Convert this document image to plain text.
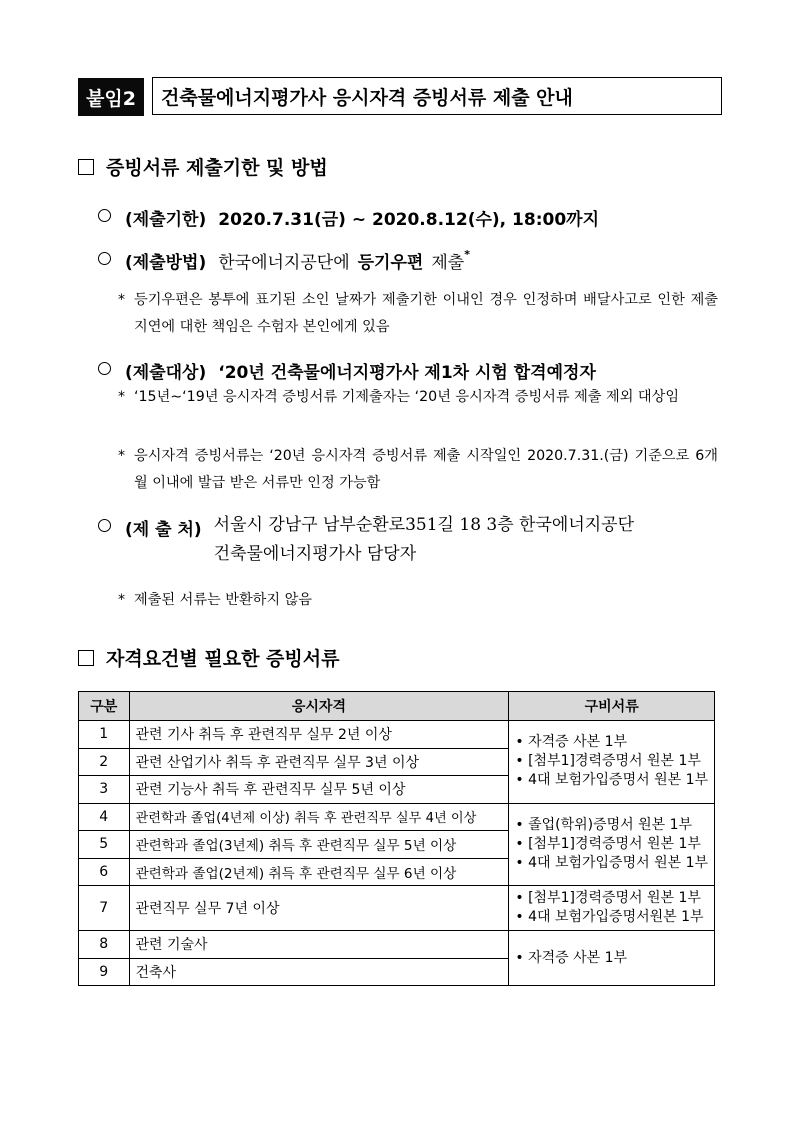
붙임2	건축물에너지평가사 응시자격 증빙서류 제출 안내
증빙서류 제출기한 및 방법
(제출기한) 2020.7.31(금) ~ 2020.8.12(수), 18:00까지
(제출방법) 한국에너지공단에 등기우편 제출*
* 등기우편은 봉투에 표기된 소인 날짜가 제출기한 이내인 경우 인정하며 배달사고로 인한 제출지연에 대한 책임은 수험자 본인에게 있음
(제출대상) ‘20년 건축물에너지평가사 제1차 시험 합격예정자
* ‘15년∼‘19년 응시자격 증빙서류 기제출자는 ‘20년 응시자격 증빙서류 제출 제외 대상임
* 응시자격 증빙서류는 ‘20년 응시자격 증빙서류 제출 시작일인 2020.7.31.(금) 기준으로 6개월 이내에 발급 받은 서류만 인정 가능함
(제 출 처) 서울시 강남구 남부순환로351길 18 3층 한국에너지공단
건축물에너지평가사 담당자
* 제출된 서류는 반환하지 않음
자격요건별 필요한 증빙서류
구분	응시자격	구비서류
1	관련 기사 취득 후 관련직무 실무 2년 이상	• 자격증 사본 1부
• [첨부1]경력증명서 원본 1부
• 4대 보험가입증명서 원본 1부

2	관련 산업기사 취득 후 관련직무 실무 3년 이상	
3	관련 기능사 취득 후 관련직무 실무 5년 이상	
4	관련학과 졸업(4년제 이상) 취득 후 관련직무 실무 4년 이상	• 졸업(학위)증명서 원본 1부
• [첨부1]경력증명서 원본 1부
• 4대 보험가입증명서 원본 1부

5	관련학과 졸업(3년제) 취득 후 관련직무 실무 5년 이상	
6	관련학과 졸업(2년제) 취득 후 관련직무 실무 6년 이상	
7	관련직무 실무 7년 이상	• [첨부1]경력증명서 원본 1부
• 4대 보험가입증명서원본 1부

8	관련 기술사	• 자격증 사본 1부

9	건축사	
